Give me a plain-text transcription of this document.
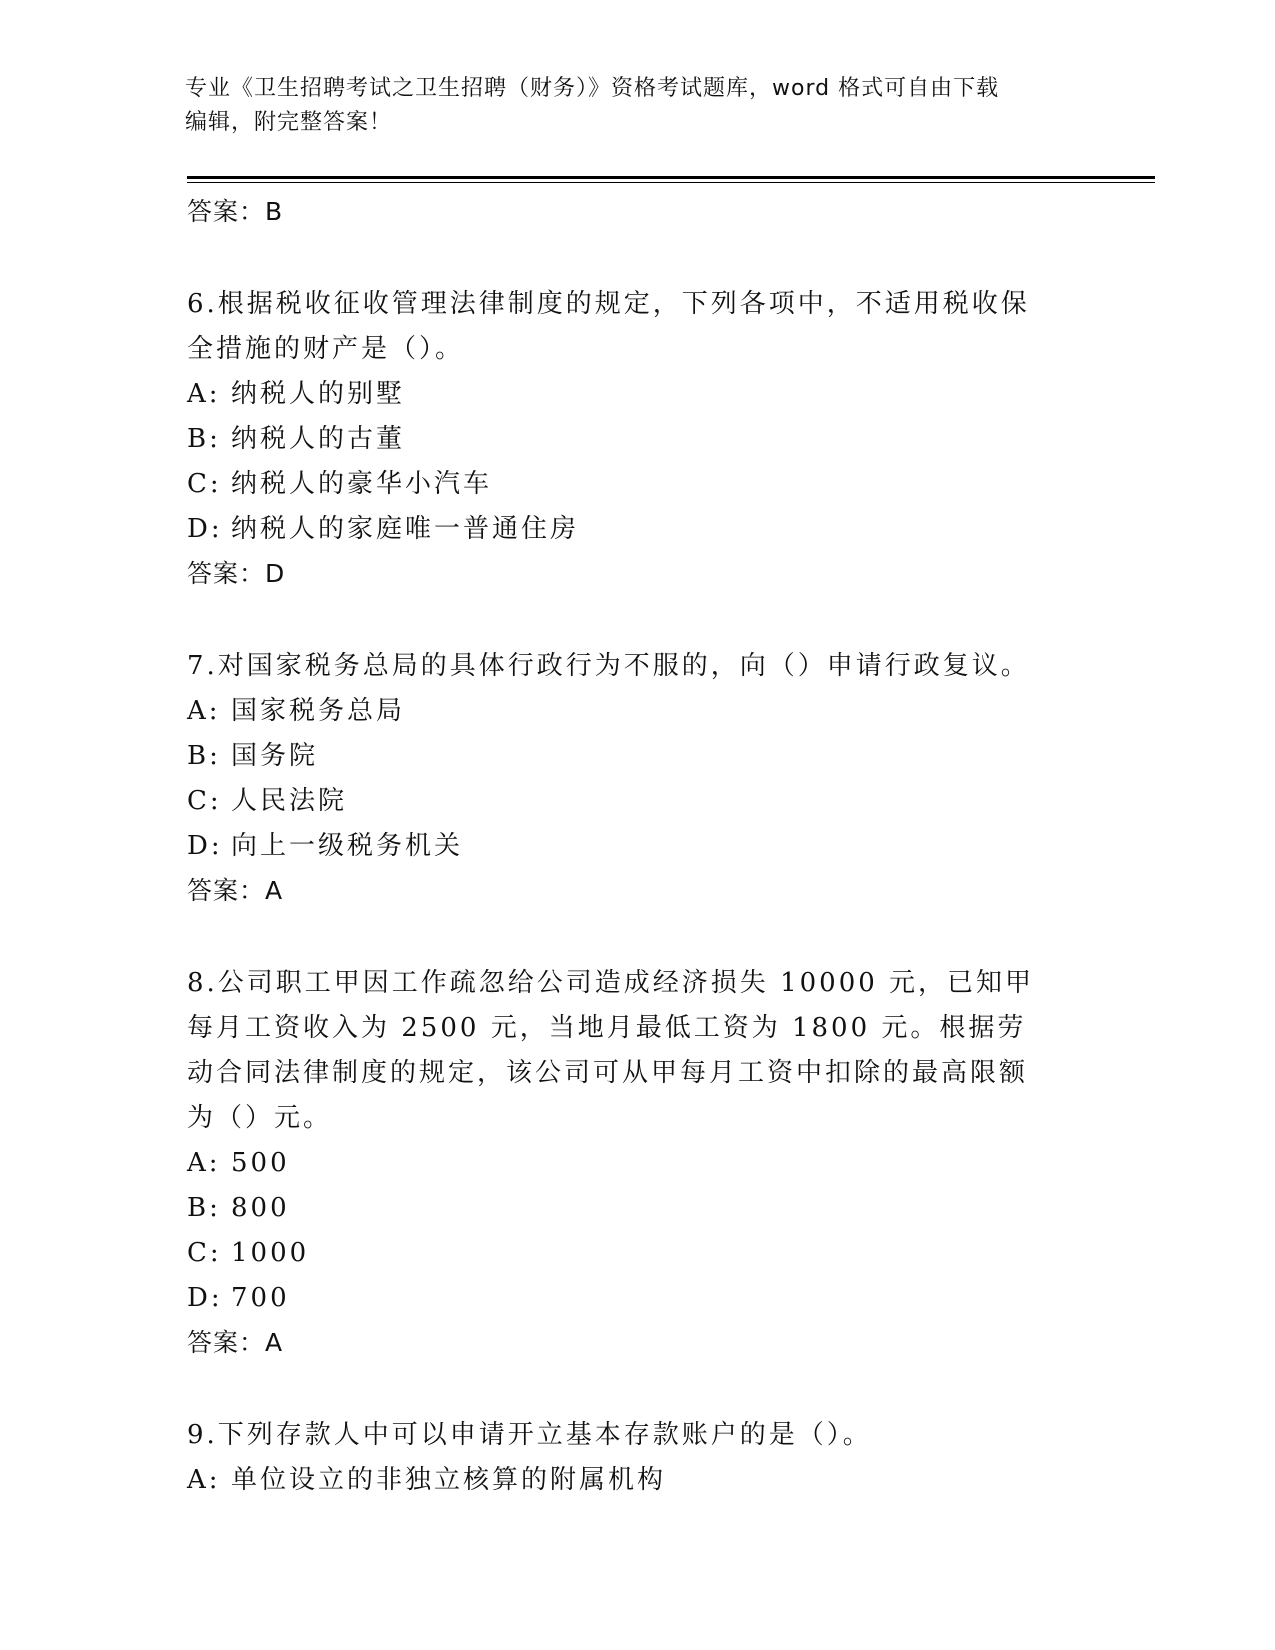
专业《卫生招聘考试之卫生招聘（财务）》资格考试题库，word 格式可自由下载
编辑，附完整答案！
答案：B
6.根据税收征收管理法律制度的规定，下列各项中，不适用税收保全措施的财产是（）。
A: 纳税人的别墅
B: 纳税人的古董
C: 纳税人的豪华小汽车
D: 纳税人的家庭唯一普通住房
答案：D
7.对国家税务总局的具体行政行为不服的，向（）申请行政复议。
A: 国家税务总局
B: 国务院
C: 人民法院
D: 向上一级税务机关
答案：A
8.公司职工甲因工作疏忽给公司造成经济损失 10000 元，已知甲每月工资收入为 2500 元，当地月最低工资为 1800 元。根据劳动合同法律制度的规定，该公司可从甲每月工资中扣除的最高限额为（）元。
A: 500
B: 800
C: 1000
D: 700
答案：A
9.下列存款人中可以申请开立基本存款账户的是（）。
A: 单位设立的非独立核算的附属机构
